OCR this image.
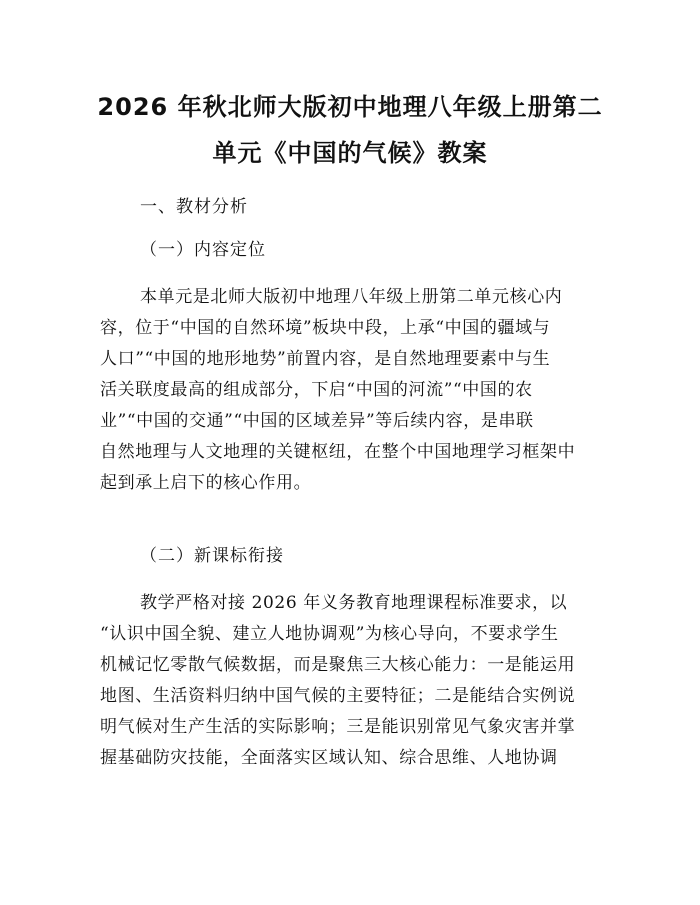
2026 年秋北师大版初中地理八年级上册第二
单元《中国的气候》教案

一、教材分析

（一）内容定位

本单元是北师大版初中地理八年级上册第二单元核心内
容，位于“中国的自然环境”板块中段，上承“中国的疆域与
人口”“中国的地形地势”前置内容，是自然地理要素中与生
活关联度最高的组成部分，下启“中国的河流”“中国的农
业”“中国的交通”“中国的区域差异”等后续内容，是串联
自然地理与人文地理的关键枢纽，在整个中国地理学习框架中
起到承上启下的核心作用。

（二）新课标衔接

教学严格对接 2026 年义务教育地理课程标准要求，以
“认识中国全貌、建立人地协调观”为核心导向，不要求学生
机械记忆零散气候数据，而是聚焦三大核心能力：一是能运用
地图、生活资料归纳中国气候的主要特征；二是能结合实例说
明气候对生产生活的实际影响；三是能识别常见气象灾害并掌
握基础防灾技能，全面落实区域认知、综合思维、人地协调
